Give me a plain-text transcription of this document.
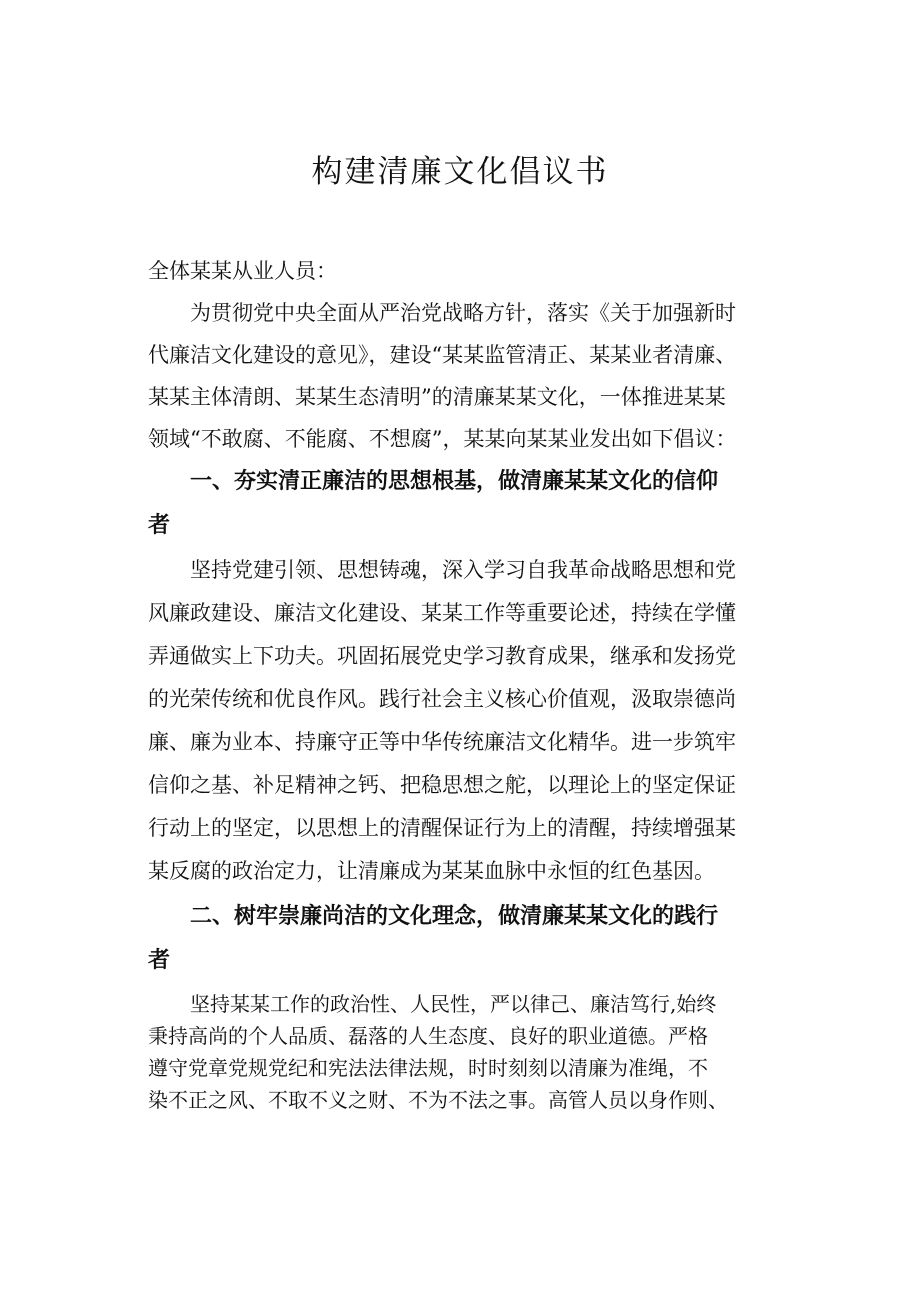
构建清廉文化倡议书
全体某某从业人员：
为贯彻党中央全面从严治党战略方针，落实《关于加强新时
代廉洁文化建设的意见》，建设“某某监管清正、某某业者清廉、
某某主体清朗、某某生态清明”的清廉某某文化，一体推进某某
领域“不敢腐、不能腐、不想腐”，某某向某某业发出如下倡议：
一、夯实清正廉洁的思想根基，做清廉某某文化的信仰
者
坚持党建引领、思想铸魂，深入学习自我革命战略思想和党
风廉政建设、廉洁文化建设、某某工作等重要论述，持续在学懂
弄通做实上下功夫。巩固拓展党史学习教育成果，继承和发扬党
的光荣传统和优良作风。践行社会主义核心价值观，汲取崇德尚
廉、廉为业本、持廉守正等中华传统廉洁文化精华。进一步筑牢
信仰之基、补足精神之钙、把稳思想之舵，以理论上的坚定保证
行动上的坚定，以思想上的清醒保证行为上的清醒，持续增强某
某反腐的政治定力，让清廉成为某某血脉中永恒的红色基因。
二、树牢崇廉尚洁的文化理念，做清廉某某文化的践行
者
坚持某某工作的政治性、人民性，严以律己、廉洁笃行,始终
秉持高尚的个人品质、磊落的人生态度、良好的职业道德。严格
遵守党章党规党纪和宪法法律法规，时时刻刻以清廉为准绳，不
染不正之风、不取不义之财、不为不法之事。高管人员以身作则、
